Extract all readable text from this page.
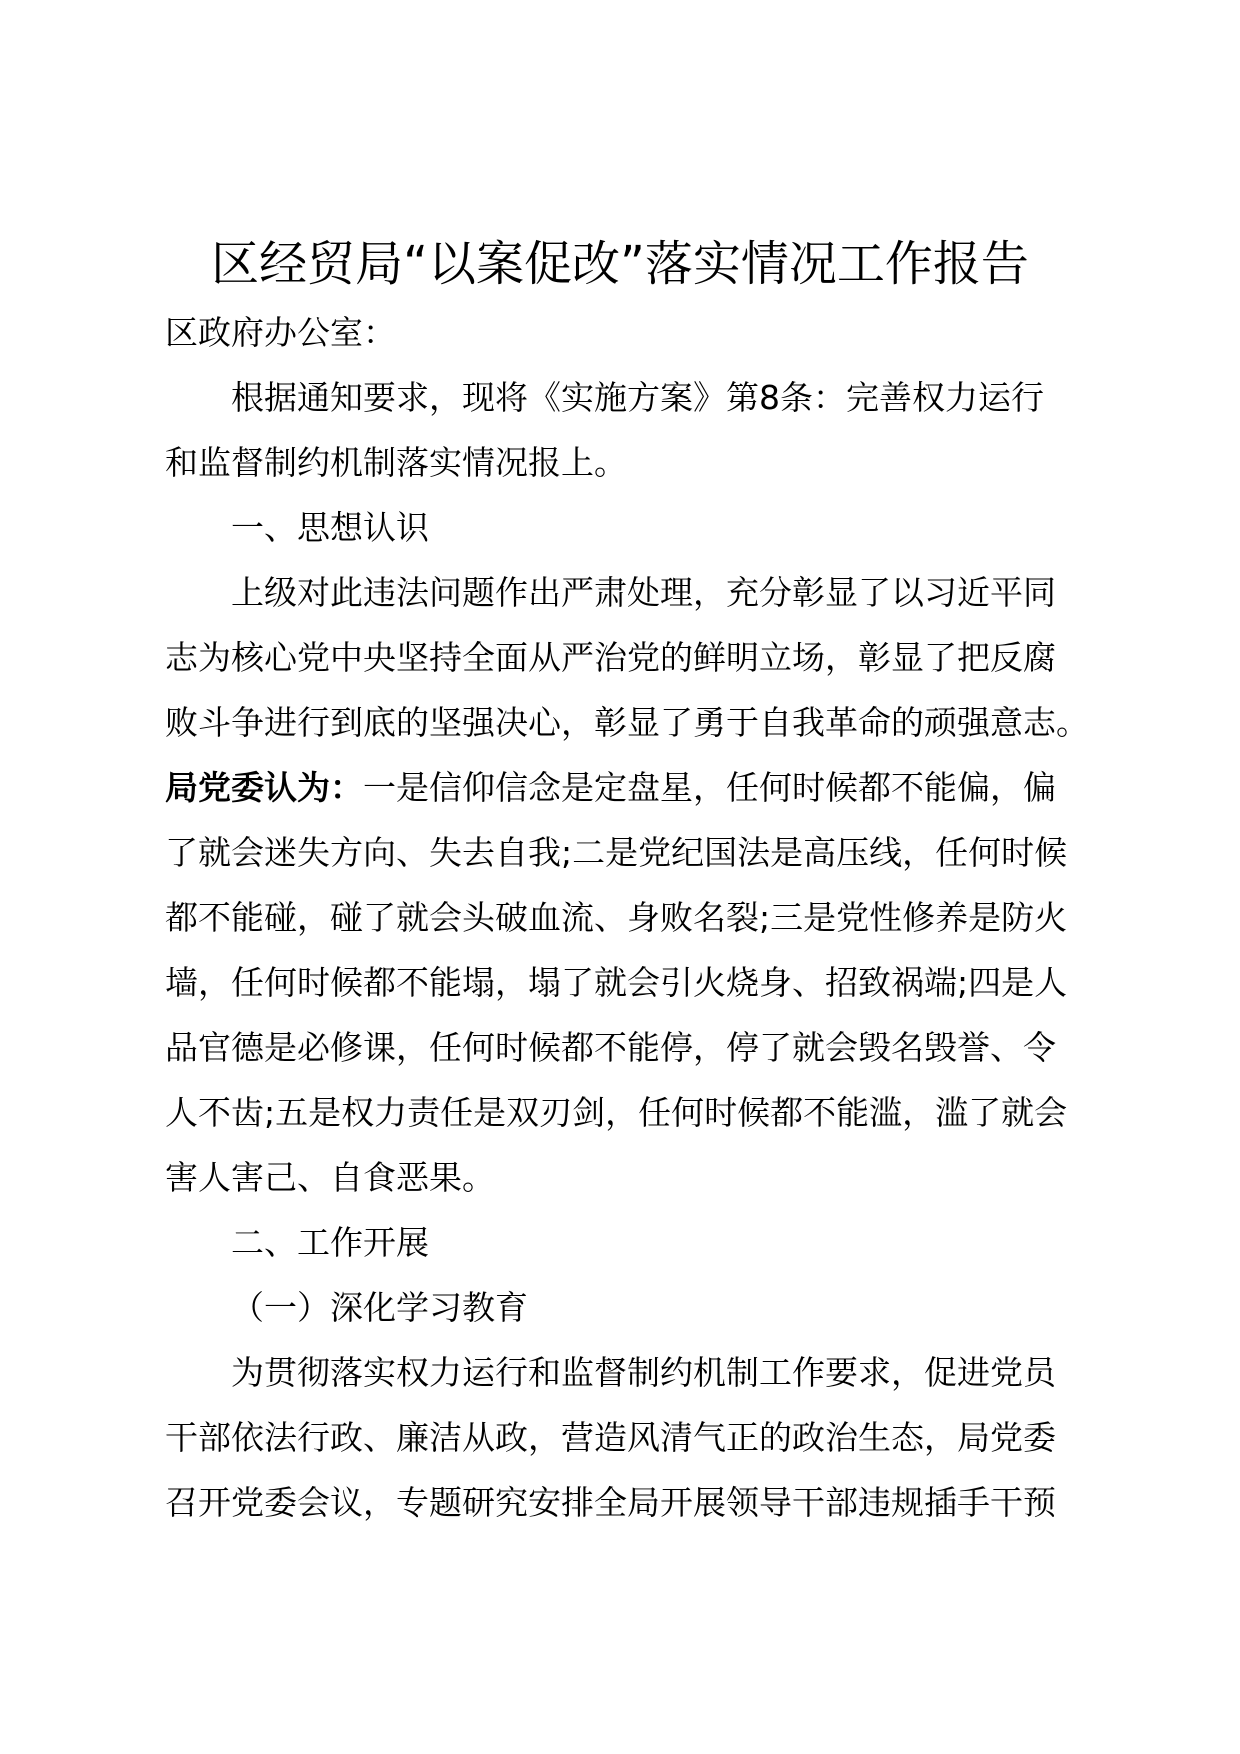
区经贸局“以案促改”落实情况工作报告
区政府办公室：
根据通知要求，现将《实施方案》第8条：完善权力运行
和监督制约机制落实情况报上。
一、思想认识
上级对此违法问题作出严肃处理，充分彰显了以习近平同
志为核心党中央坚持全面从严治党的鲜明立场，彰显了把反腐
败斗争进行到底的坚强决心，彰显了勇于自我革命的顽强意志。
局党委认为：一是信仰信念是定盘星，任何时候都不能偏，偏
了就会迷失方向、失去自我;二是党纪国法是高压线，任何时候
都不能碰，碰了就会头破血流、身败名裂;三是党性修养是防火
墙，任何时候都不能塌，塌了就会引火烧身、招致祸端;四是人
品官德是必修课，任何时候都不能停，停了就会毁名毁誉、令
人不齿;五是权力责任是双刃剑，任何时候都不能滥，滥了就会
害人害己、自食恶果。
二、工作开展
（一）深化学习教育
为贯彻落实权力运行和监督制约机制工作要求，促进党员
干部依法行政、廉洁从政，营造风清气正的政治生态，局党委
召开党委会议，专题研究安排全局开展领导干部违规插手干预
